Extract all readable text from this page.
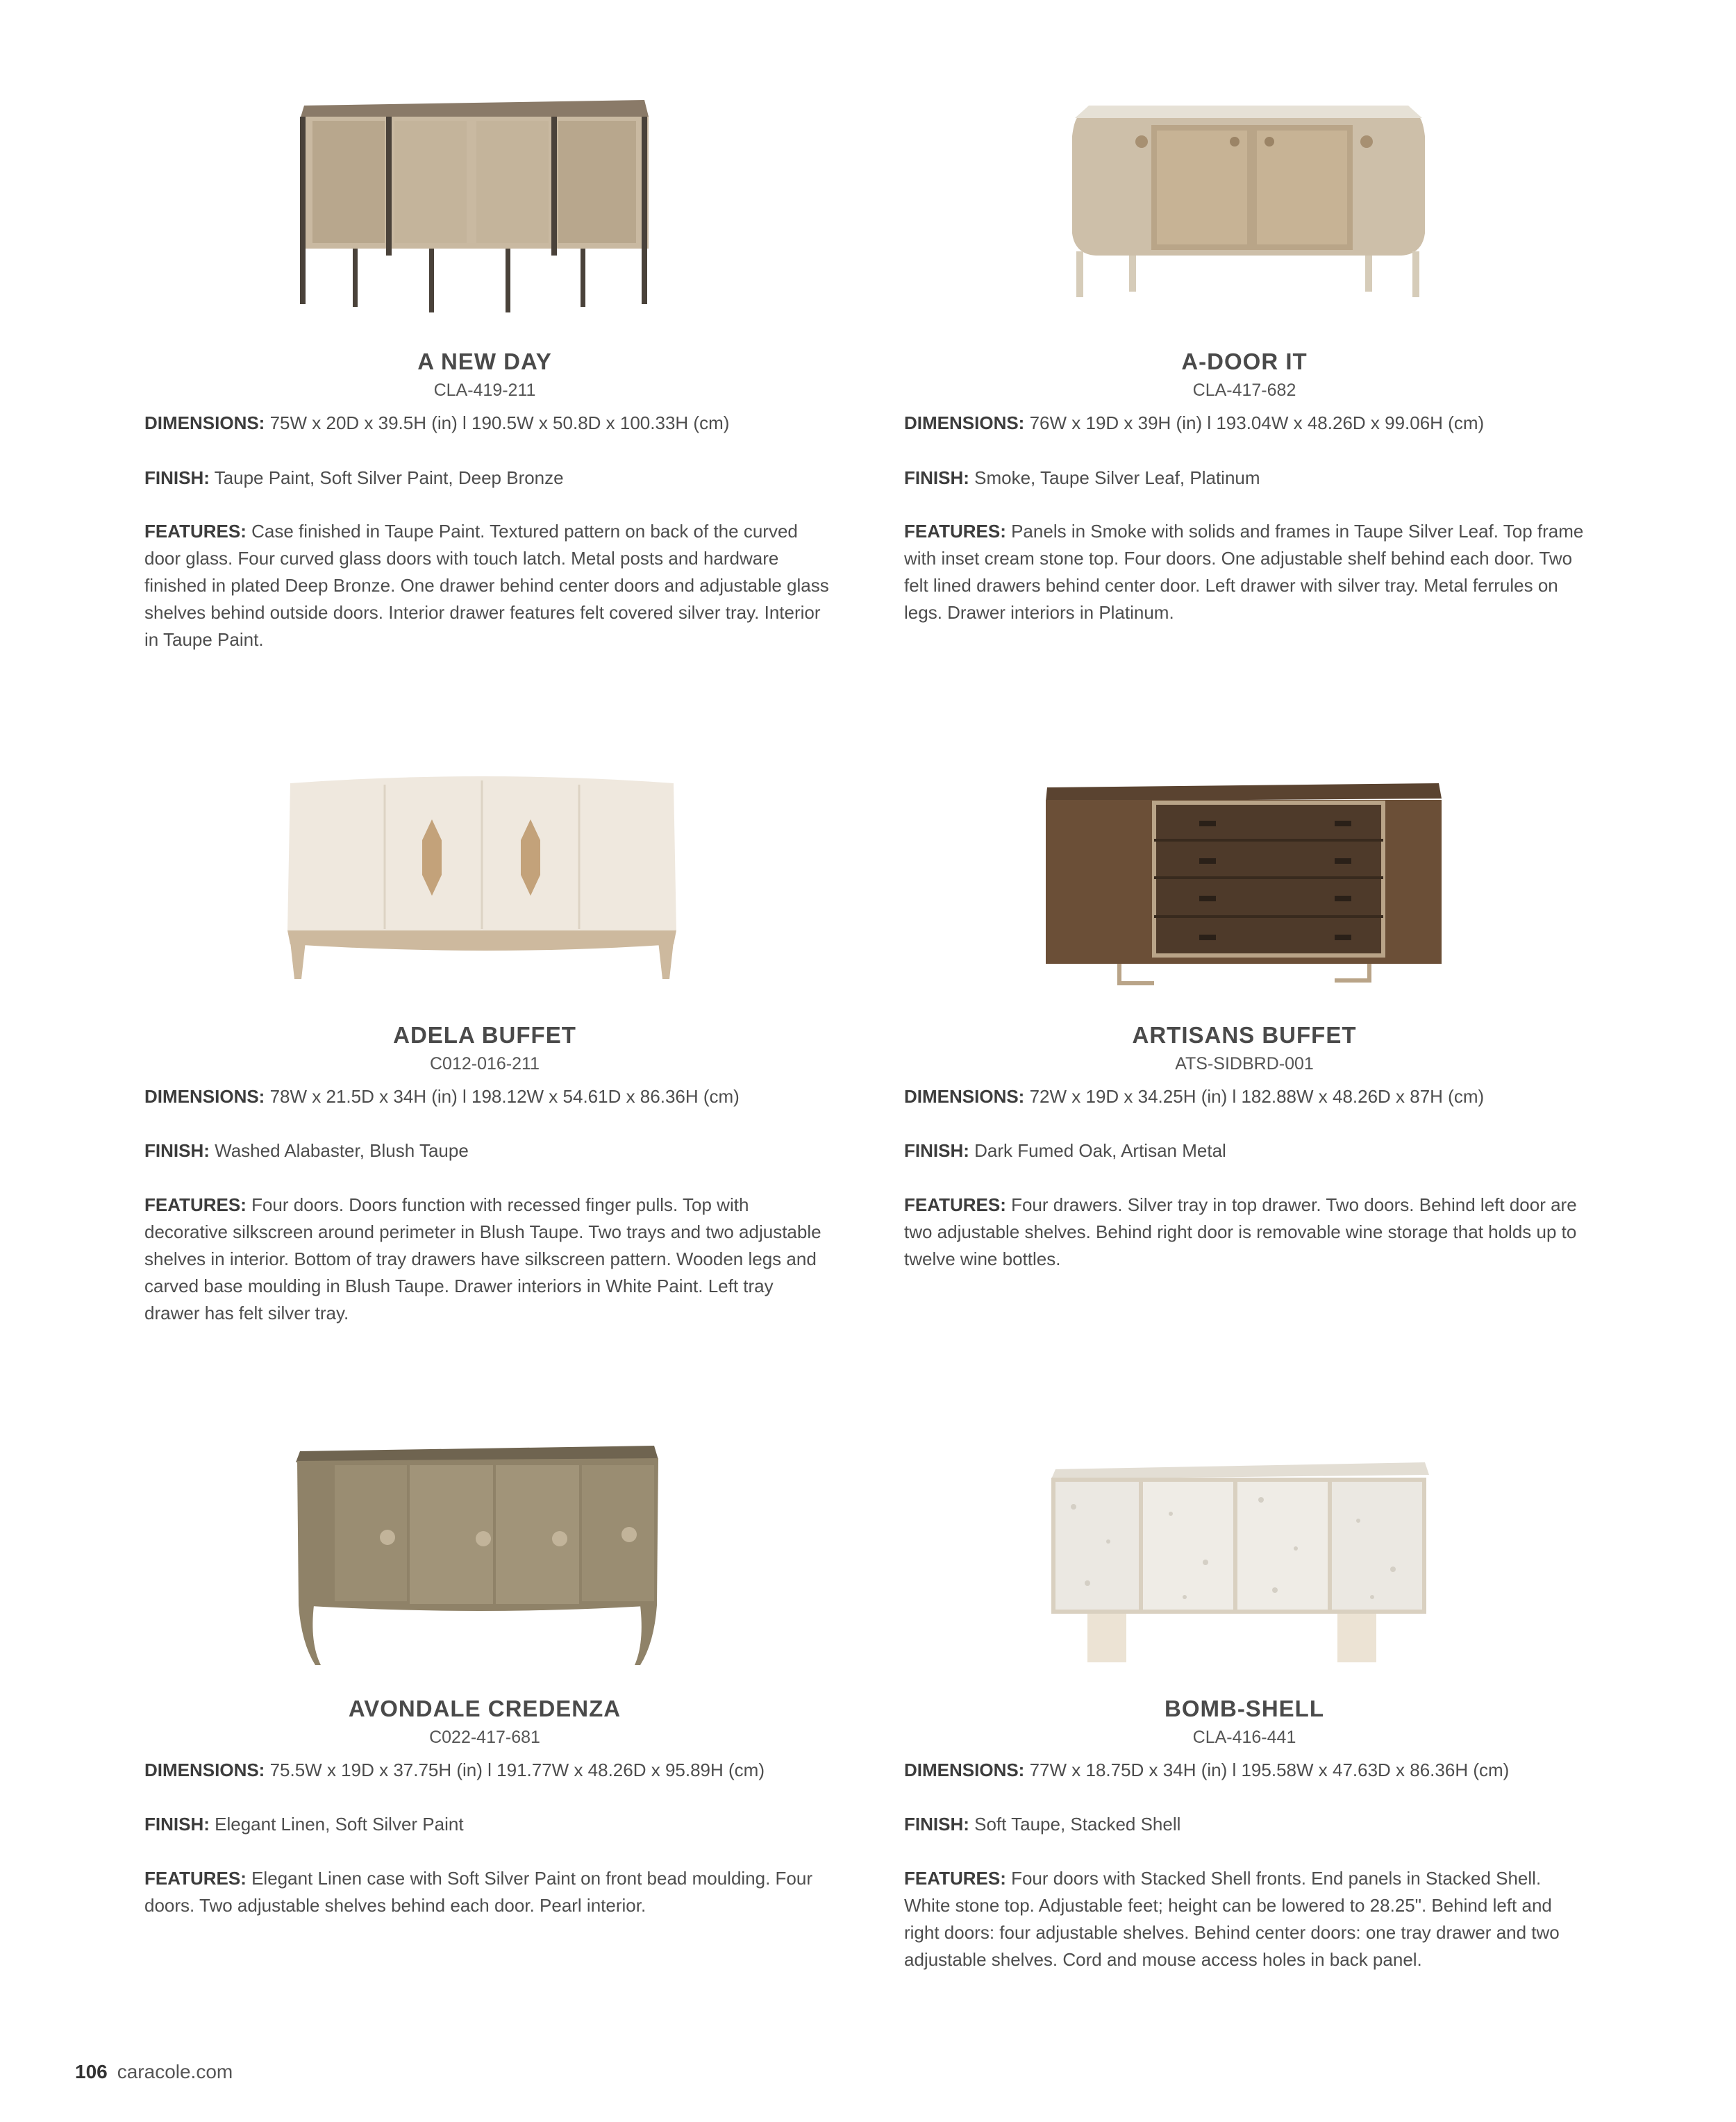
A NEW DAY

CLA-419-211

DIMENSIONS: 75W x 20D x 39.5H (in) l 190.5W x 50.8D x 100.33H (cm)

FINISH: Taupe Paint, Soft Silver Paint, Deep Bronze

FEATURES: Case finished in Taupe Paint. Textured pattern on back of the curved door glass. Four curved glass doors with touch latch. Metal posts and hardware finished in plated Deep Bronze. One drawer behind center doors and adjustable glass shelves behind outside doors. Interior drawer features felt covered silver tray. Interior in Taupe Paint.

A-DOOR IT

CLA-417-682

DIMENSIONS: 76W x 19D x 39H (in) l 193.04W x 48.26D x 99.06H (cm)

FINISH: Smoke, Taupe Silver Leaf, Platinum

FEATURES: Panels in Smoke with solids and frames in Taupe Silver Leaf. Top frame with inset cream stone top. Four doors. One adjustable shelf behind each door. Two felt lined drawers behind center door. Left drawer with silver tray. Metal ferrules on legs. Drawer interiors in Platinum.

ADELA BUFFET

C012-016-211

DIMENSIONS: 78W x 21.5D x 34H (in) l 198.12W x 54.61D x 86.36H (cm)

FINISH: Washed Alabaster, Blush Taupe

FEATURES: Four doors. Doors function with recessed finger pulls. Top with decorative silkscreen around perimeter in Blush Taupe. Two trays and two adjustable shelves in interior. Bottom of tray drawers have silkscreen pattern. Wooden legs and carved base moulding in Blush Taupe. Drawer interiors in White Paint. Left tray drawer has felt silver tray.

ARTISANS BUFFET

ATS-SIDBRD-001

DIMENSIONS: 72W x 19D x 34.25H (in) l 182.88W x 48.26D x 87H (cm)

FINISH: Dark Fumed Oak, Artisan Metal

FEATURES: Four drawers. Silver tray in top drawer. Two doors. Behind left door are two adjustable shelves. Behind right door is removable wine storage that holds up to twelve wine bottles.

AVONDALE CREDENZA

C022-417-681

DIMENSIONS: 75.5W x 19D x 37.75H (in) l 191.77W x 48.26D x 95.89H (cm)

FINISH: Elegant Linen, Soft Silver Paint

FEATURES: Elegant Linen case with Soft Silver Paint on front bead moulding. Four doors. Two adjustable shelves behind each door. Pearl interior.

BOMB-SHELL

CLA-416-441

DIMENSIONS: 77W x 18.75D x 34H (in) l 195.58W x 47.63D x 86.36H (cm)

FINISH: Soft Taupe, Stacked Shell

FEATURES: Four doors with Stacked Shell fronts. End panels in Stacked Shell. White stone top. Adjustable feet; height can be lowered to 28.25". Behind left and right doors: four adjustable shelves. Behind center doors: one tray drawer and two adjustable shelves. Cord and mouse access holes in back panel.

106 caracole.com
